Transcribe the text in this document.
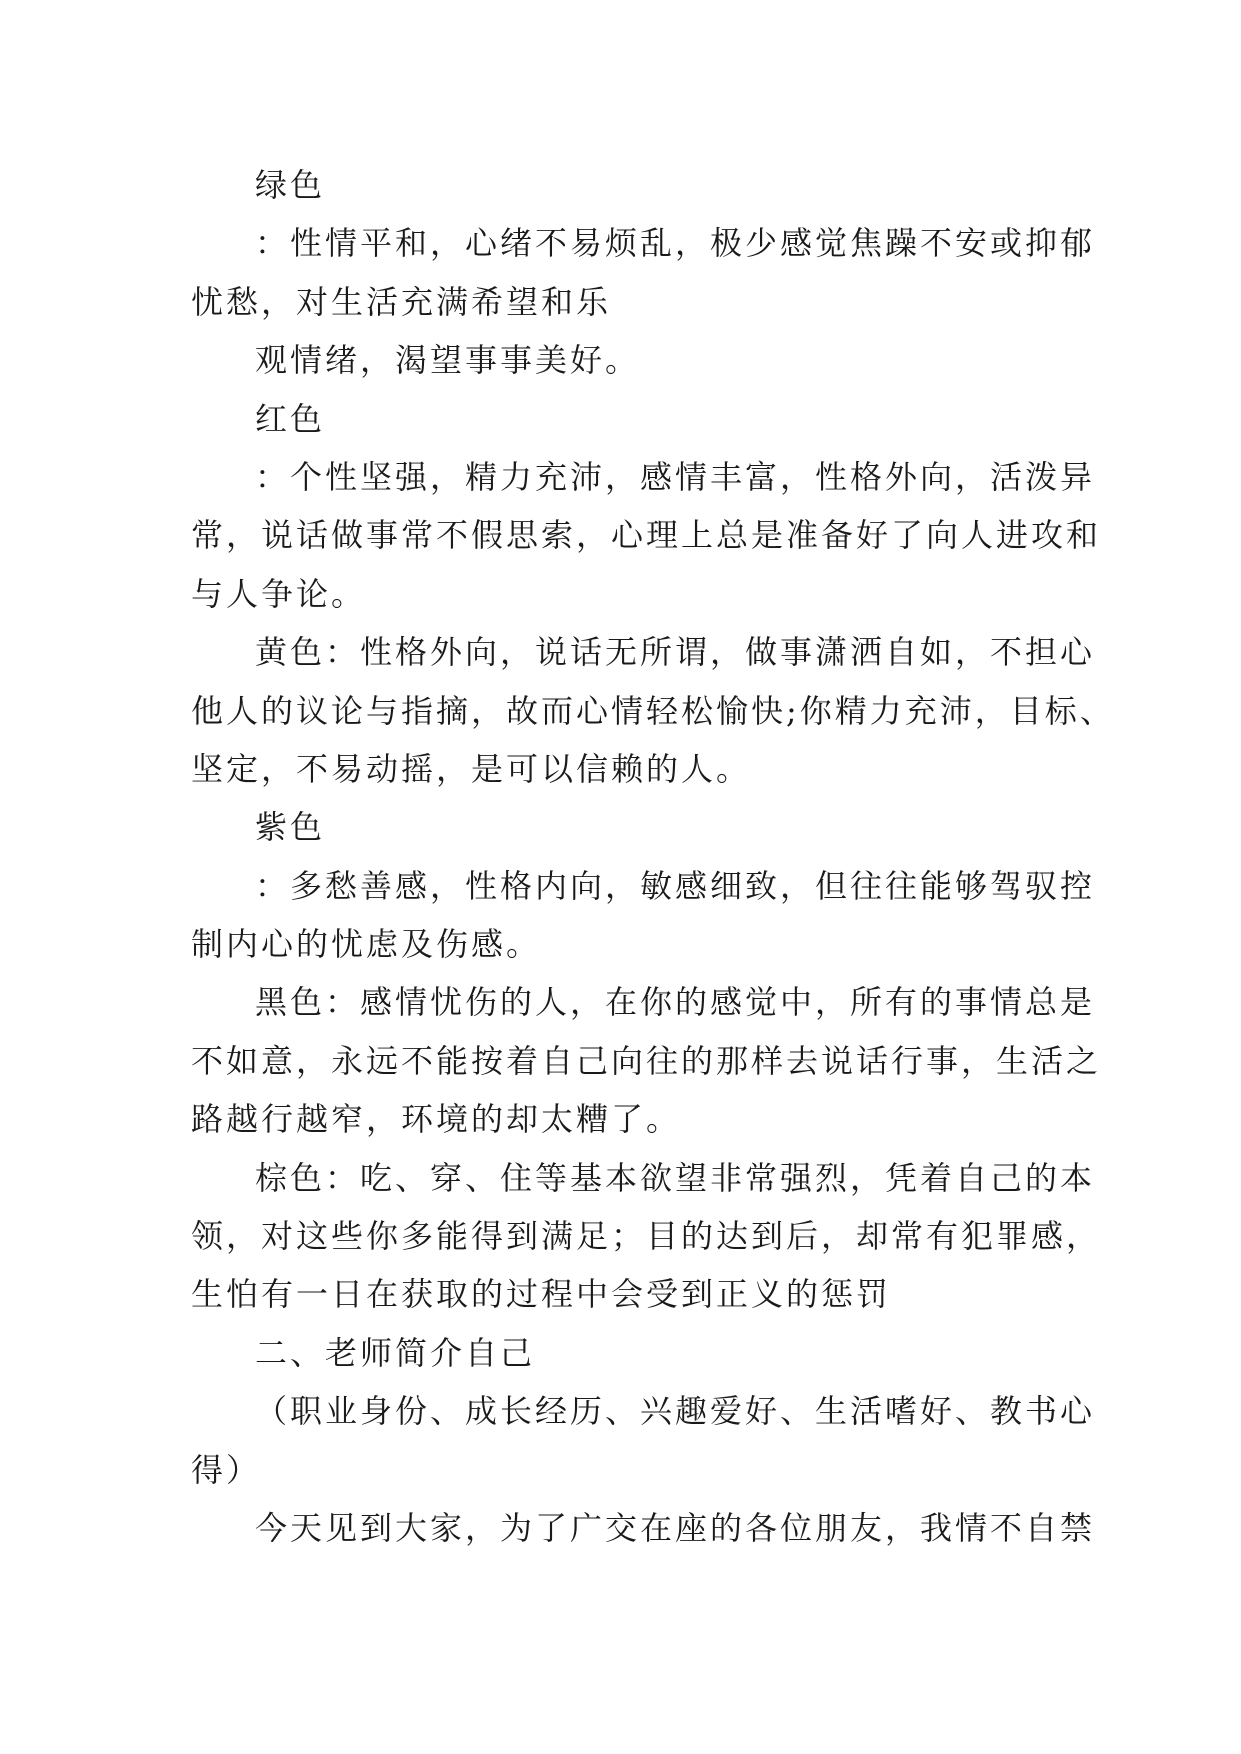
绿色
：性情平和，心绪不易烦乱，极少感觉焦躁不安或抑郁
忧愁，对生活充满希望和乐
观情绪，渴望事事美好。
红色
：个性坚强，精力充沛，感情丰富，性格外向，活泼异
常，说话做事常不假思索，心理上总是准备好了向人进攻和
与人争论。
黄色：性格外向，说话无所谓，做事潇洒自如，不担心
他人的议论与指摘，故而心情轻松愉快;你精力充沛，目标、
坚定，不易动摇，是可以信赖的人。
紫色
：多愁善感，性格内向，敏感细致，但往往能够驾驭控
制内心的忧虑及伤感。
黑色：感情忧伤的人，在你的感觉中，所有的事情总是
不如意，永远不能按着自己向往的那样去说话行事，生活之
路越行越窄，环境的却太糟了。
棕色：吃、穿、住等基本欲望非常强烈，凭着自己的本
领，对这些你多能得到满足；目的达到后，却常有犯罪感，
生怕有一日在获取的过程中会受到正义的惩罚
二、老师简介自己
（职业身份、成长经历、兴趣爱好、生活嗜好、教书心
得）
今天见到大家，为了广交在座的各位朋友，我情不自禁
